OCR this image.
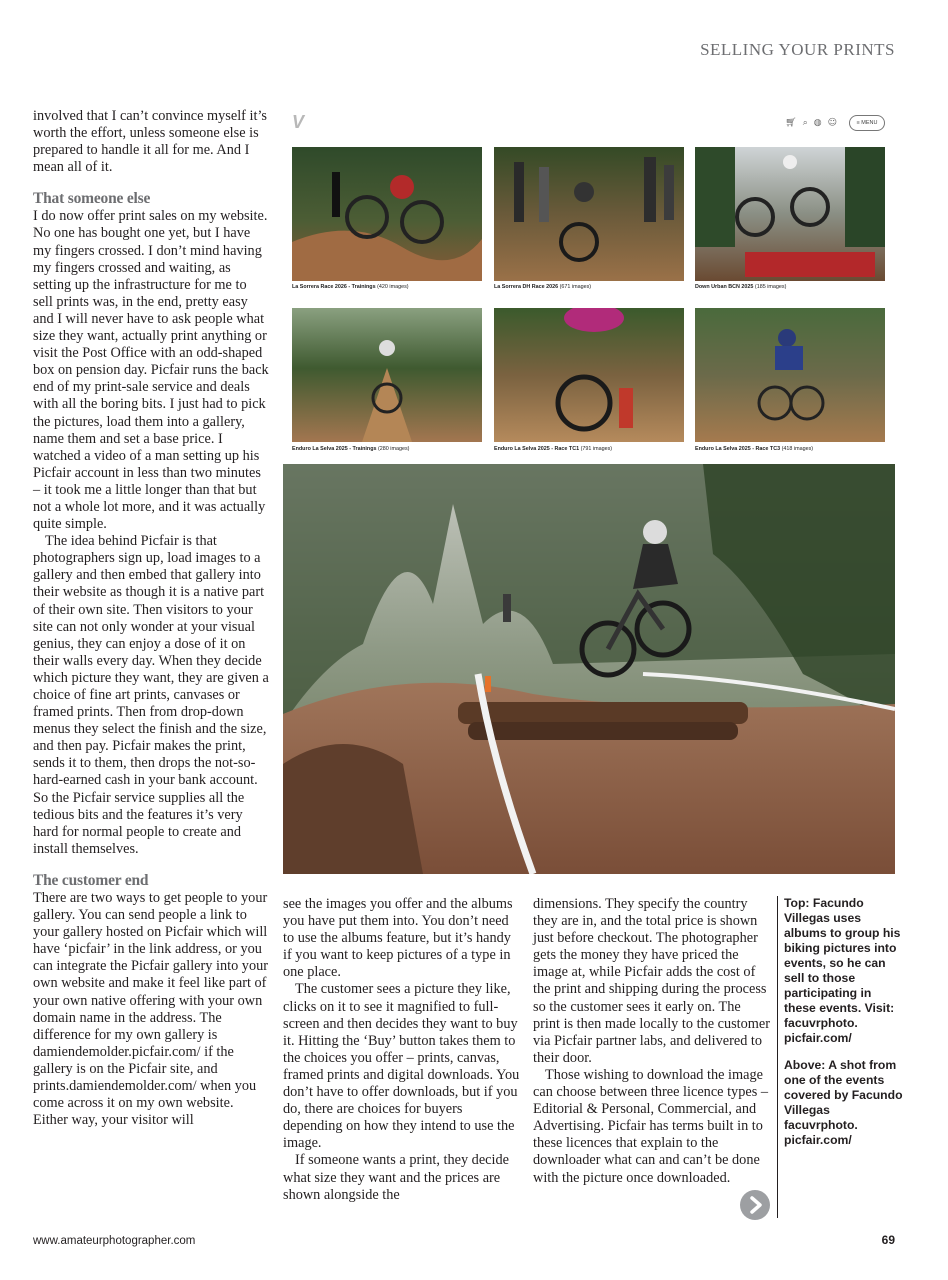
SELLING YOUR PRINTS

involved that I can’t convince myself it’s worth the effort, unless someone else is prepared to handle it all for me. And I mean all of it.

That someone else

I do now offer print sales on my website. No one has bought one yet, but I have my fingers crossed. I don’t mind having my fingers crossed and waiting, as setting up the infrastructure for me to sell prints was, in the end, pretty easy and I will never have to ask people what size they want, actually print anything or visit the Post Office with an odd-shaped box on pension day. Picfair runs the back end of my print-sale service and deals with all the boring bits. I just had to pick the pictures, load them into a gallery, name them and set a base price. I watched a video of a man setting up his Picfair account in less than two minutes – it took me a little longer than that but not a whole lot more, and it was actually quite simple.

The idea behind Picfair is that photographers sign up, load images to a gallery and then embed that gallery into their website as though it is a native part of their own site. Then visitors to your site can not only wonder at your visual genius, they can enjoy a dose of it on their walls every day. When they decide which picture they want, they are given a choice of fine art prints, canvases or framed prints. Then from drop-down menus they select the finish and the size, and then pay. Picfair makes the print, sends it to them, then drops the not-so-hard-earned cash in your bank account. So the Picfair service supplies all the tedious bits and the features it’s very hard for normal people to create and install themselves.

The customer end

There are two ways to get people to your gallery. You can send people a link to your gallery hosted on Picfair which will have ‘picfair’ in the link address, or you can integrate the Picfair gallery into your own website and make it feel like part of your own native offering with your own domain name in the address. The difference for my own gallery is damiendemolder.picfair.com/ if the gallery is on the Picfair site, and prints.damiendemolder.com/ when you come across it on my own website. Either way, your visitor will

V	🛒︎⌕◍☺	≡ MENU
La Sorrera Race 2026 - Trainings (420 images)	La Sorrera DH Race 2026 (671 images)	Down Urban BCN 2025 (185 images)
Enduro La Selva 2025 - Trainings (280 images)	Enduro La Selva 2025 - Race TC1 (791 images)	Enduro La Selva 2025 - Race TC3 (418 images)

see the images you offer and the albums you have put them into. You don’t need to use the albums feature, but it’s handy if you want to keep pictures of a type in one place.

The customer sees a picture they like, clicks on it to see it magnified to full-screen and then decides they want to buy it. Hitting the ‘Buy’ button takes them to the choices you offer – prints, canvas, framed prints and digital downloads. You don’t have to offer downloads, but if you do, there are choices for buyers depending on how they intend to use the image.

If someone wants a print, they decide what size they want and the prices are shown alongside the

dimensions. They specify the country they are in, and the total price is shown just before checkout. The photographer gets the money they have priced the image at, while Picfair adds the cost of the print and shipping during the process so the customer sees it early on. The print is then made locally to the customer via Picfair partner labs, and delivered to their door.

Those wishing to download the image can choose between three licence types – Editorial & Personal, Commercial, and Advertising. Picfair has terms built in to these licences that explain to the downloader what can and can’t be done with the picture once downloaded.

Top: Facundo Villegas uses albums to group his biking pictures into events, so he can sell to those participating in these events. Visit: facuvrphoto. picfair.com/

Above: A shot from one of the events covered by Facundo Villegas facuvrphoto. picfair.com/

www.amateurphotographer.com	69
